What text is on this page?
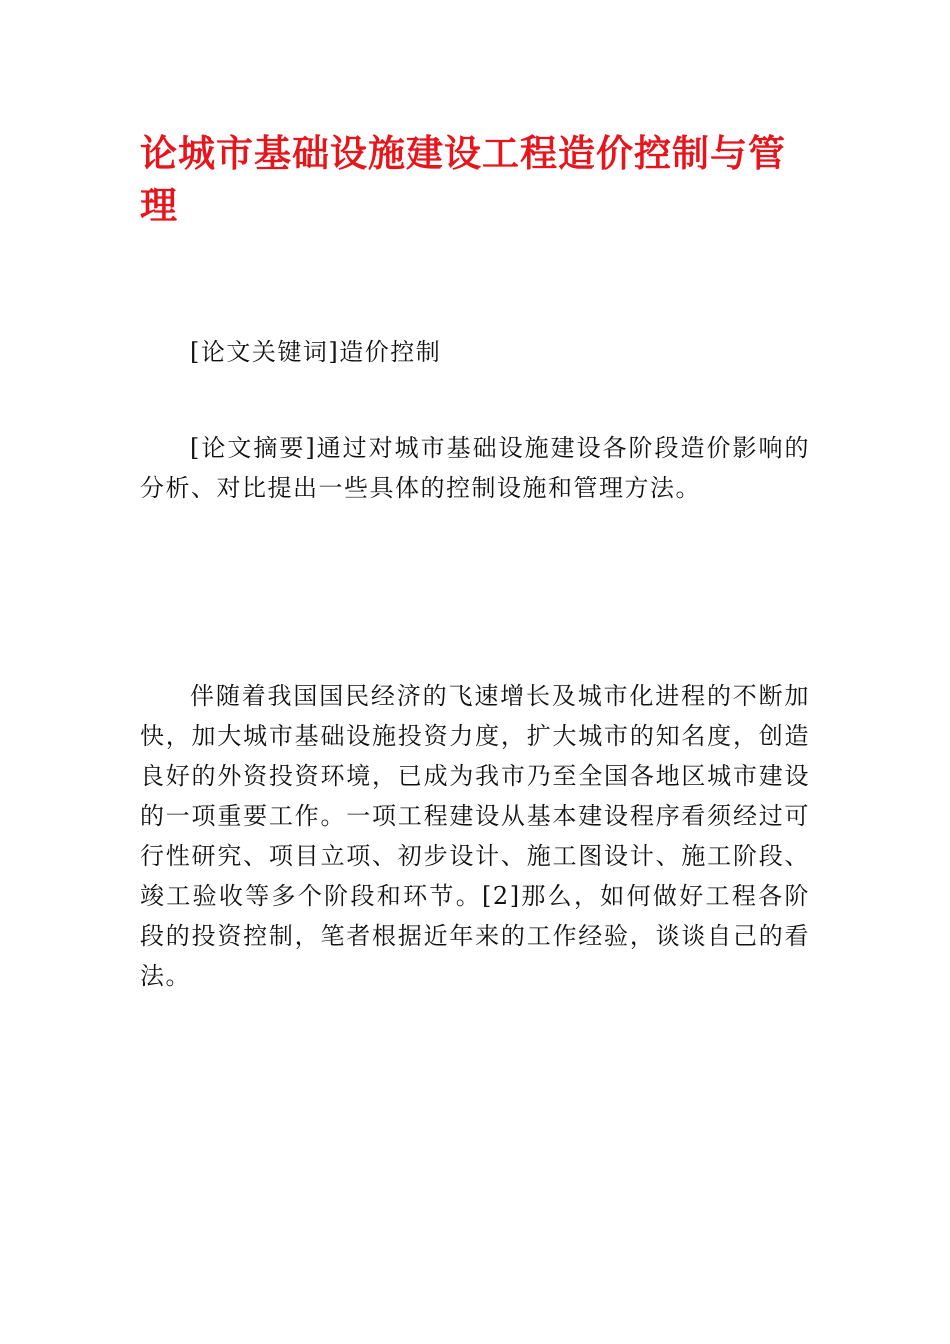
论城市基础设施建设工程造价控制与管理

[论文关键词]造价控制

[论文摘要]通过对城市基础设施建设各阶段造价影响的分析、对比提出一些具体的控制设施和管理方法。

伴随着我国国民经济的飞速增长及城市化进程的不断加快，加大城市基础设施投资力度，扩大城市的知名度，创造良好的外资投资环境，已成为我市乃至全国各地区城市建设的一项重要工作。一项工程建设从基本建设程序看须经过可行性研究、项目立项、初步设计、施工图设计、施工阶段、竣工验收等多个阶段和环节。[2]那么，如何做好工程各阶段的投资控制，笔者根据近年来的工作经验，谈谈自己的看法。
